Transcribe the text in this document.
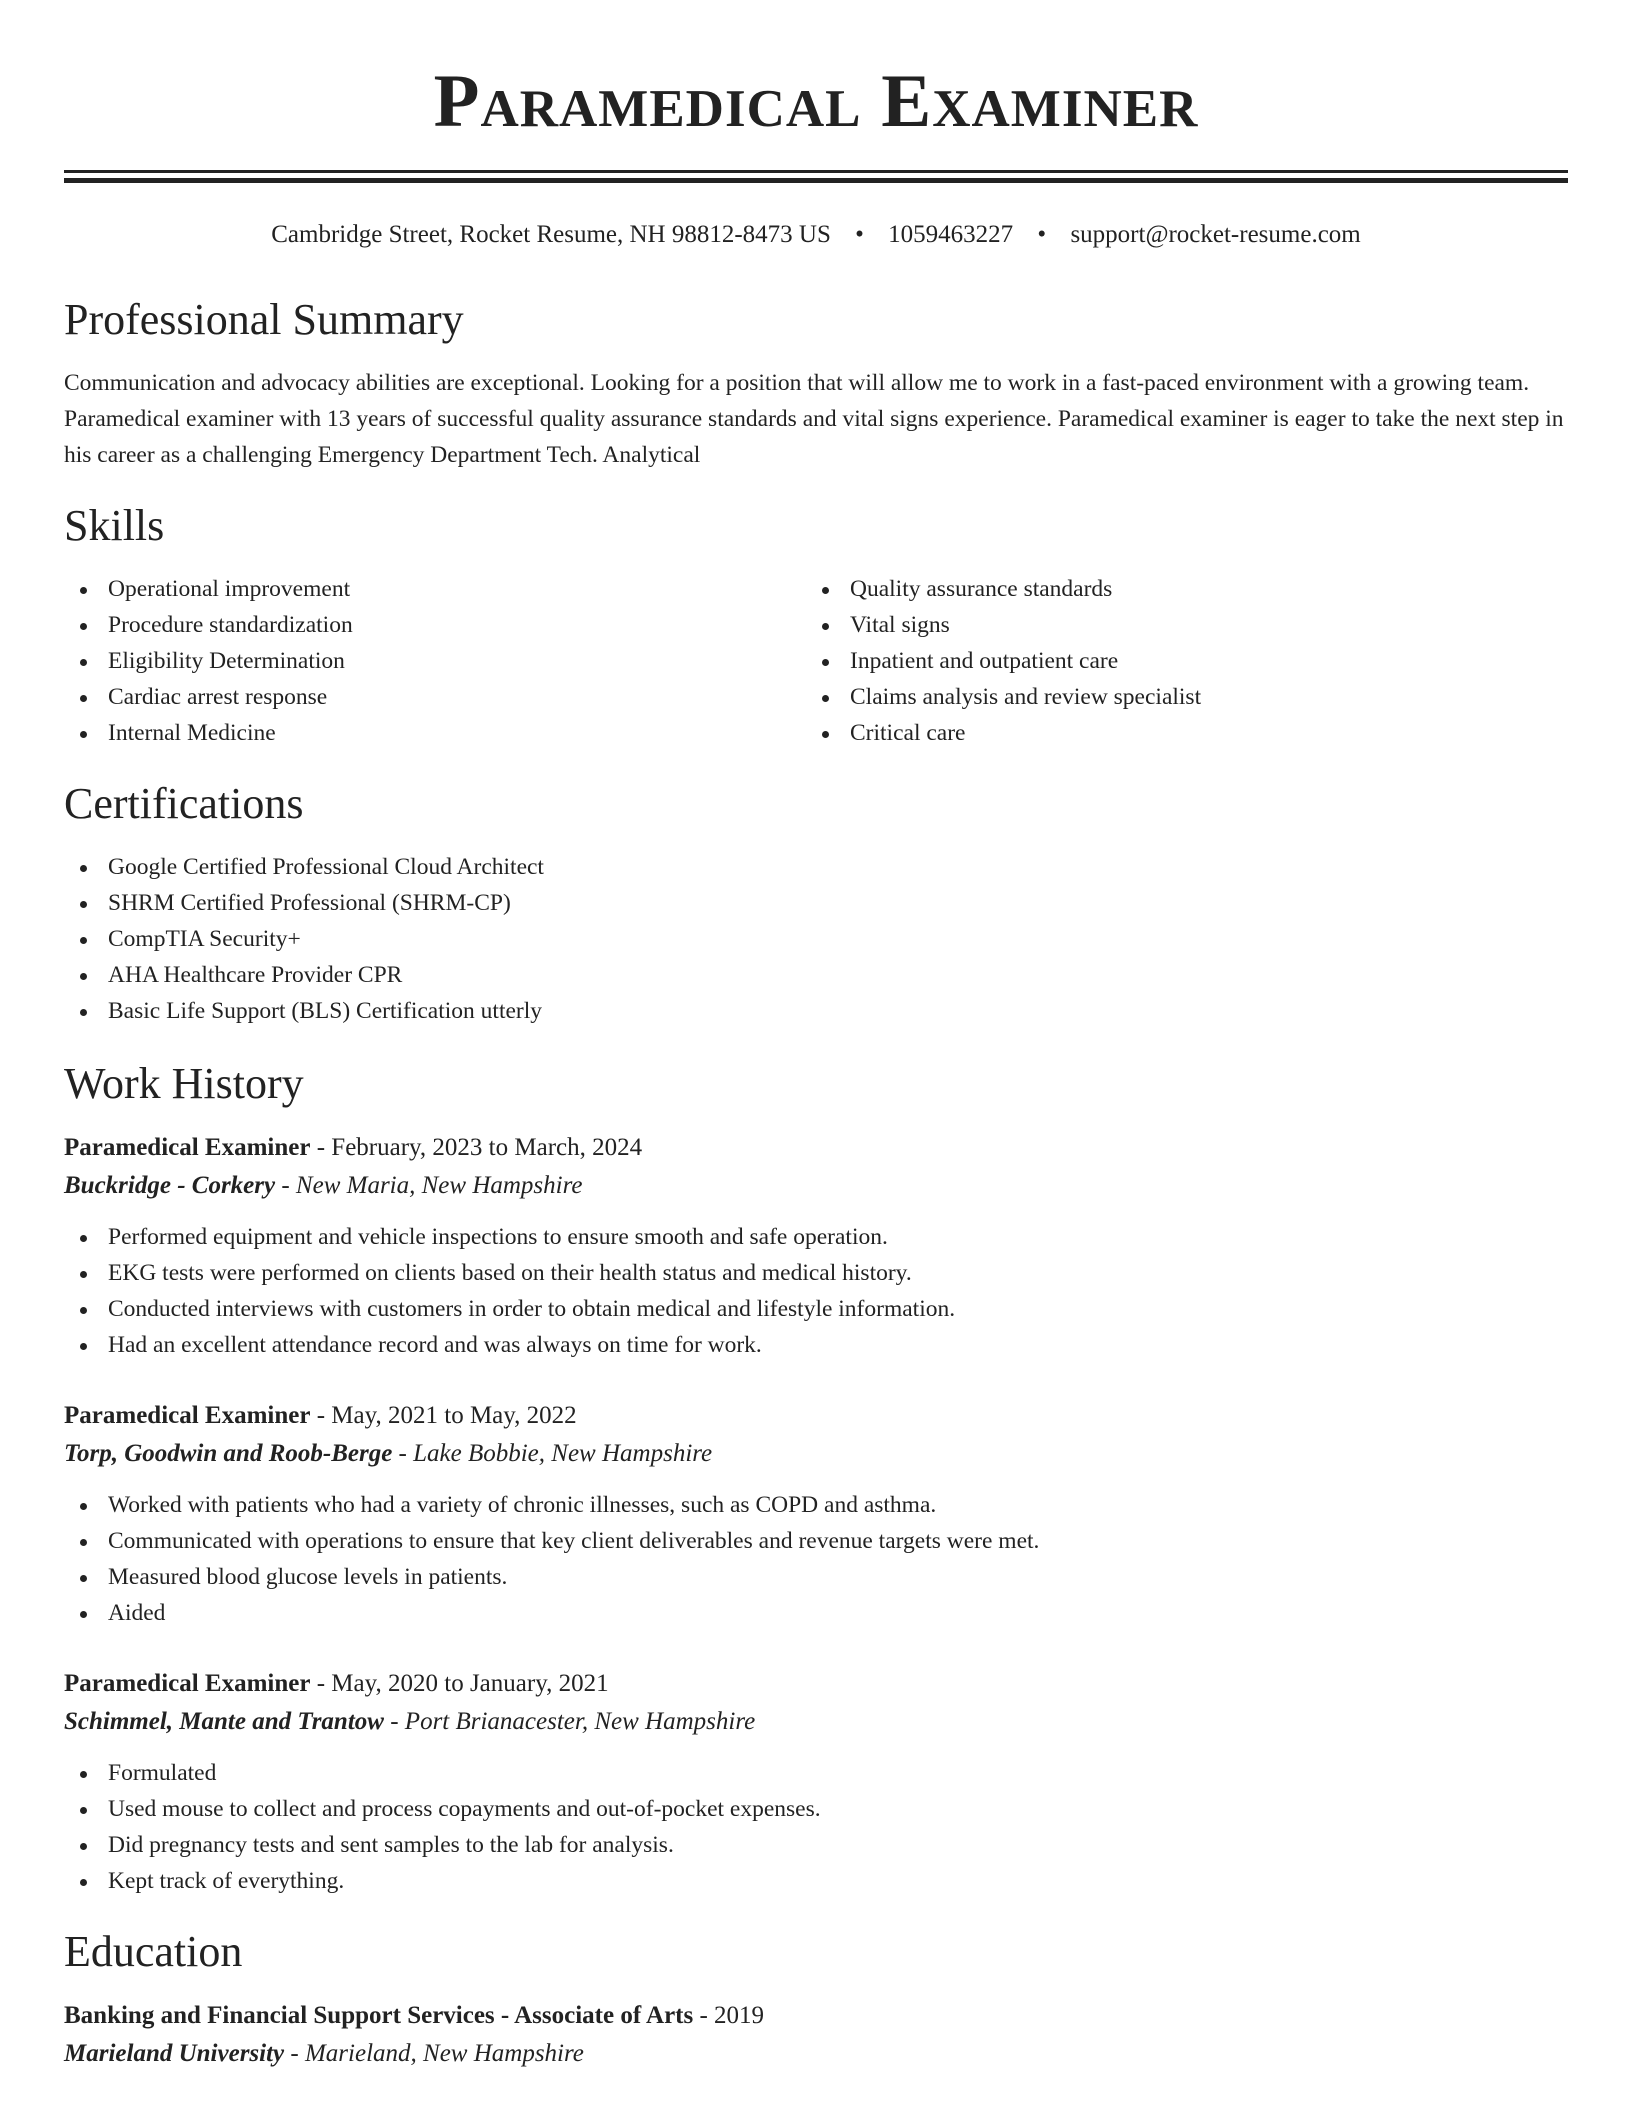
Paramedical Examiner
Cambridge Street, Rocket Resume, NH 98812-8473 US • 1059463227 • support@rocket-resume.com
Professional Summary

Communication and advocacy abilities are exceptional. Looking for a position that will allow me to work in a fast-paced environment with a growing team. Paramedical examiner with 13 years of successful quality assurance standards and vital signs experience. Paramedical examiner is eager to take the next step in his career as a challenging Emergency Department Tech. Analytical

Skills
Operational improvement
Procedure standardization
Eligibility Determination
Cardiac arrest response
Internal Medicine
Quality assurance standards
Vital signs
Inpatient and outpatient care
Claims analysis and review specialist
Critical care
Certifications
Google Certified Professional Cloud Architect
SHRM Certified Professional (SHRM-CP)
CompTIA Security+
AHA Healthcare Provider CPR
Basic Life Support (BLS) Certification utterly
Work History
Paramedical Examiner - February, 2023 to March, 2024
Buckridge - Corkery - New Maria, New Hampshire
Performed equipment and vehicle inspections to ensure smooth and safe operation.
EKG tests were performed on clients based on their health status and medical history.
Conducted interviews with customers in order to obtain medical and lifestyle information.
Had an excellent attendance record and was always on time for work.
Paramedical Examiner - May, 2021 to May, 2022
Torp, Goodwin and Roob-Berge - Lake Bobbie, New Hampshire
Worked with patients who had a variety of chronic illnesses, such as COPD and asthma.
Communicated with operations to ensure that key client deliverables and revenue targets were met.
Measured blood glucose levels in patients.
Aided
Paramedical Examiner - May, 2020 to January, 2021
Schimmel, Mante and Trantow - Port Brianacester, New Hampshire
Formulated
Used mouse to collect and process copayments and out-of-pocket expenses.
Did pregnancy tests and sent samples to the lab for analysis.
Kept track of everything.
Education
Banking and Financial Support Services - Associate of Arts - 2019
Marieland University - Marieland, New Hampshire
